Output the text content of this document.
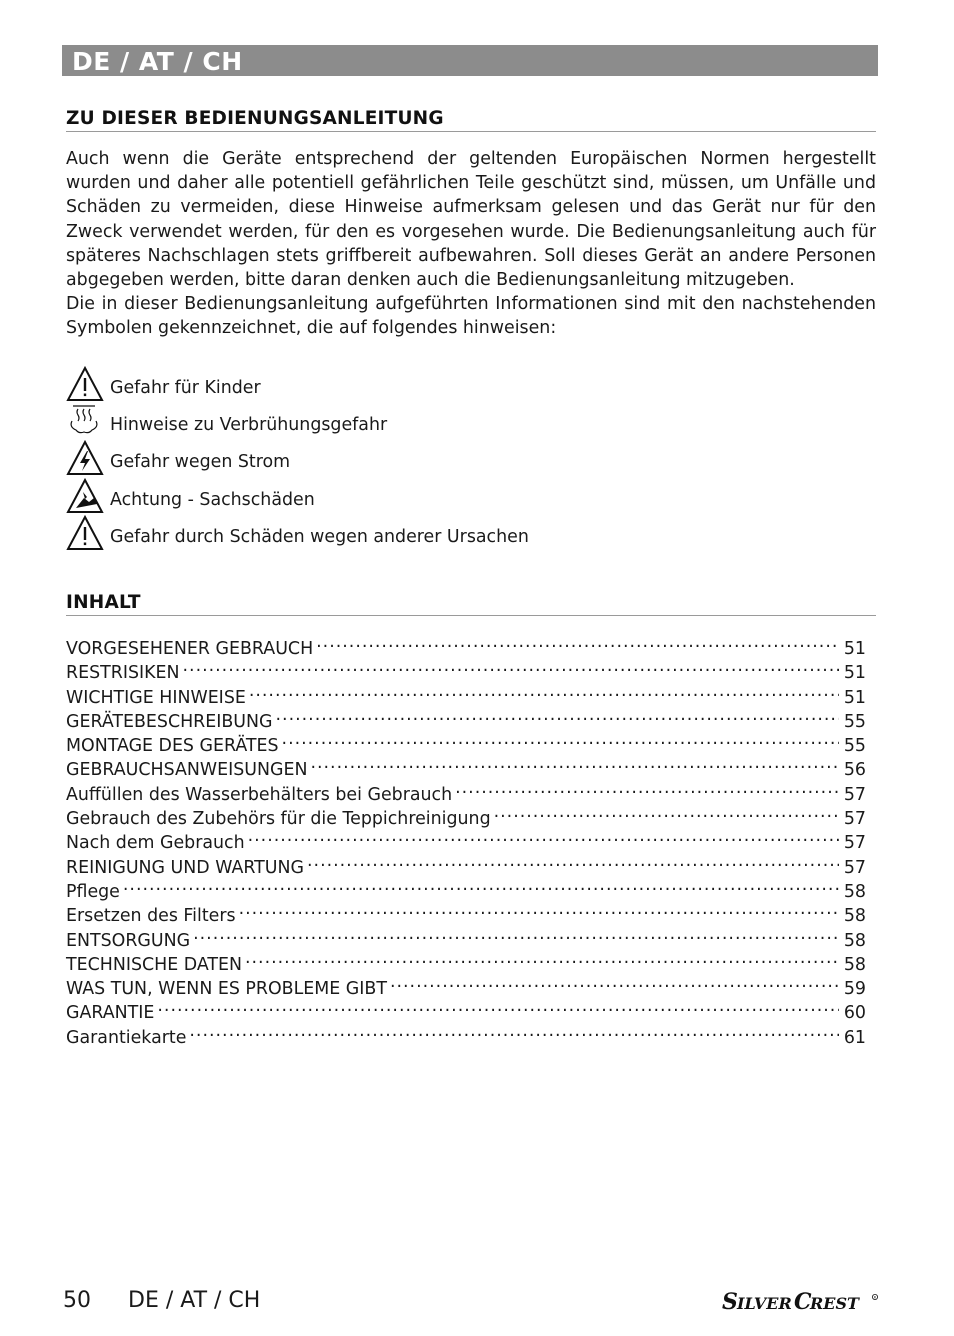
DE / AT / CH
ZU DIESER BEDIENUNGSANLEITUNG

Auch wenn die Geräte entsprechend der geltenden Europäischen Normen hergestellt wurden und daher alle potentiell gefährlichen Teile geschützt sind, müssen, um Unfälle und Schäden zu vermeiden, diese Hinweise aufmerksam gelesen und das Gerät nur für den Zweck verwendet werden, für den es vorgesehen wurde. Die Bedienungsanleitung auch für späteres Nachschlagen stets griffbereit aufbewahren. Soll dieses Gerät an andere Personen abgegeben werden, bitte daran denken auch die Bedienungsanleitung mitzugeben.

Die in dieser Bedienungsanleitung aufgeführten Informationen sind mit den nachstehenden Symbolen gekennzeichnet, die auf folgendes hinweisen:

Gefahr für Kinder
Hinweise zu Verbrühungsgefahr
Gefahr wegen Strom
Achtung - Sachschäden
Gefahr durch Schäden wegen anderer Ursachen
INHALT
VORGESEHENER GEBRAUCH .....	51
RESTRISIKEN .....	51
WICHTIGE HINWEISE .....	51
GERÄTEBESCHREIBUNG .....	55
MONTAGE DES GERÄTES .....	55
GEBRAUCHSANWEISUNGEN .....	56
Auffüllen des Wasserbehälters bei Gebrauch .....	57
Gebrauch des Zubehörs für die Teppichreinigung .....	57
Nach dem Gebrauch .....	57
REINIGUNG UND WARTUNG .....	57
Pflege .....	58
Ersetzen des Filters .....	58
ENTSORGUNG .....	58
TECHNISCHE DATEN .....	58
WAS TUN, WENN ES PROBLEME GIBT .....	59
GARANTIE .....	60
Garantiekarte .....	61
50 DE / AT / CH	S ILVER C
REST	R
